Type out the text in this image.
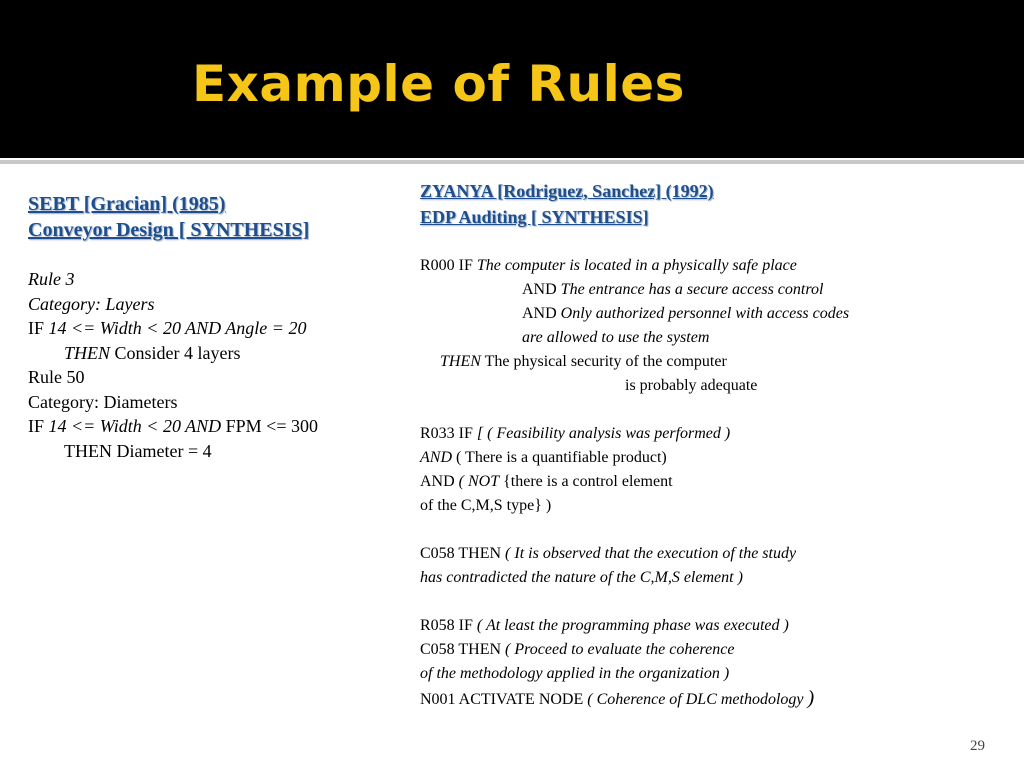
Example of Rules
SEBT [Gracian] (1985)
Conveyor Design [ SYNTHESIS]
Rule 3
Category: Layers
IF 14 <= Width < 20 AND Angle = 20
THEN Consider 4 layers
Rule 50
Category: Diameters
IF 14 <= Width < 20 AND FPM <= 300
THEN Diameter = 4
ZYANYA [Rodriguez, Sanchez] (1992)
EDP Auditing [ SYNTHESIS]
R000 IF The computer is located in a physically safe place
AND The entrance has a secure access control
AND Only authorized personnel with access codes
are allowed to use the system
THEN The physical security of the computer
is probably adequate
R033 IF [ ( Feasibility analysis was performed )
AND ( There is a quantifiable product)
AND ( NOT {there is a control element
of the C,M,S type} )
C058 THEN ( It is observed that the execution of the study
has contradicted the nature of the C,M,S element )
R058 IF ( At least the programming phase was executed )
C058 THEN ( Proceed to evaluate the coherence
of the methodology applied in the organization )
N001 ACTIVATE NODE ( Coherence of DLC methodology )
29
